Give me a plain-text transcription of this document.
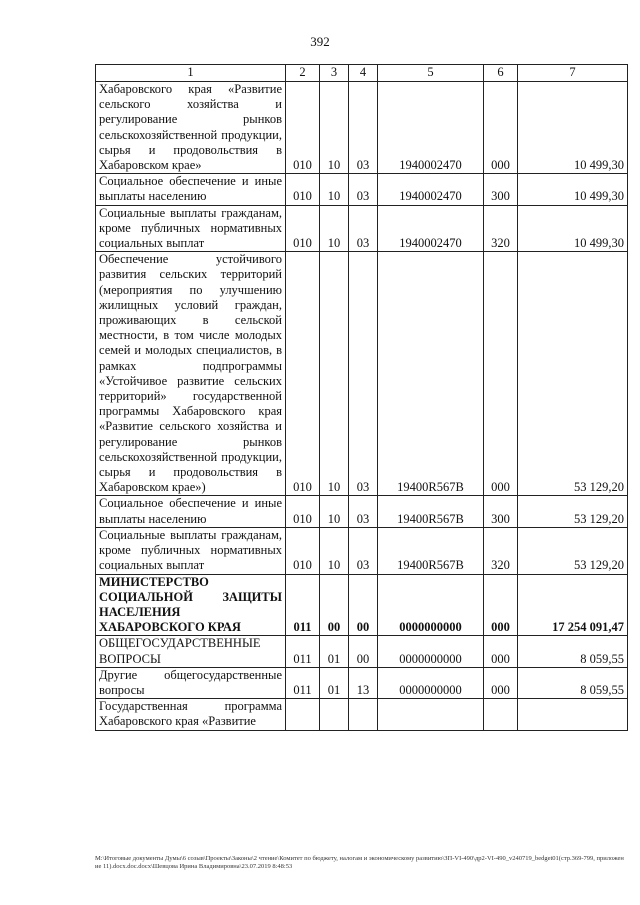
392
1	2	3	4	5	6	7
Хабаровского края «Развитие сельского хозяйства и регулирование рынков сельскохозяйственной продукции, сырья и продовольствия в Хабаровском крае»	010	10	03	1940002470	000	10 499,30
Социальное обеспечение и иные выплаты населению	010	10	03	1940002470	300	10 499,30
Социальные выплаты гражданам, кроме публичных нормативных социальных выплат	010	10	03	1940002470	320	10 499,30
Обеспечение устойчивого развития сельских территорий (мероприятия по улучшению жилищных условий граждан, проживающих в сельской местности, в том числе молодых семей и молодых специалистов, в рамках подпрограммы «Устойчивое развитие сельских территорий» государственной программы Хабаровского края «Развитие сельского хозяйства и регулирование рынков сельскохозяйственной продукции, сырья и продовольствия в Хабаровском крае»)	010	10	03	19400R567B	000	53 129,20
Социальное обеспечение и иные выплаты населению	010	10	03	19400R567B	300	53 129,20
Социальные выплаты гражданам, кроме публичных нормативных социальных выплат	010	10	03	19400R567B	320	53 129,20
МИНИСТЕРСТВО СОЦИАЛЬНОЙ ЗАЩИТЫ НАСЕЛЕНИЯ ХАБАРОВСКОГО КРАЯ	011	00	00	0000000000	000	17 254 091,47
ОБЩЕГОСУДАРСТВЕННЫЕ ВОПРОСЫ	011	01	00	0000000000	000	8 059,55
Другие общегосударственные вопросы	011	01	13	0000000000	000	8 059,55
Государственная программа Хабаровского края «Развитие						
M:\Итоговые документы Думы\6 созыв\Проекты\Законы\2 чтение\Комитет по бюджету, налогам и экономическому развитию\ЗП-VI-490\др2-VI-490_v240719_bedget01(стр.369-799, приложение 11).docx.doc.docx\Шевцова Ирина Владимировна\23.07.2019 8:48:53
